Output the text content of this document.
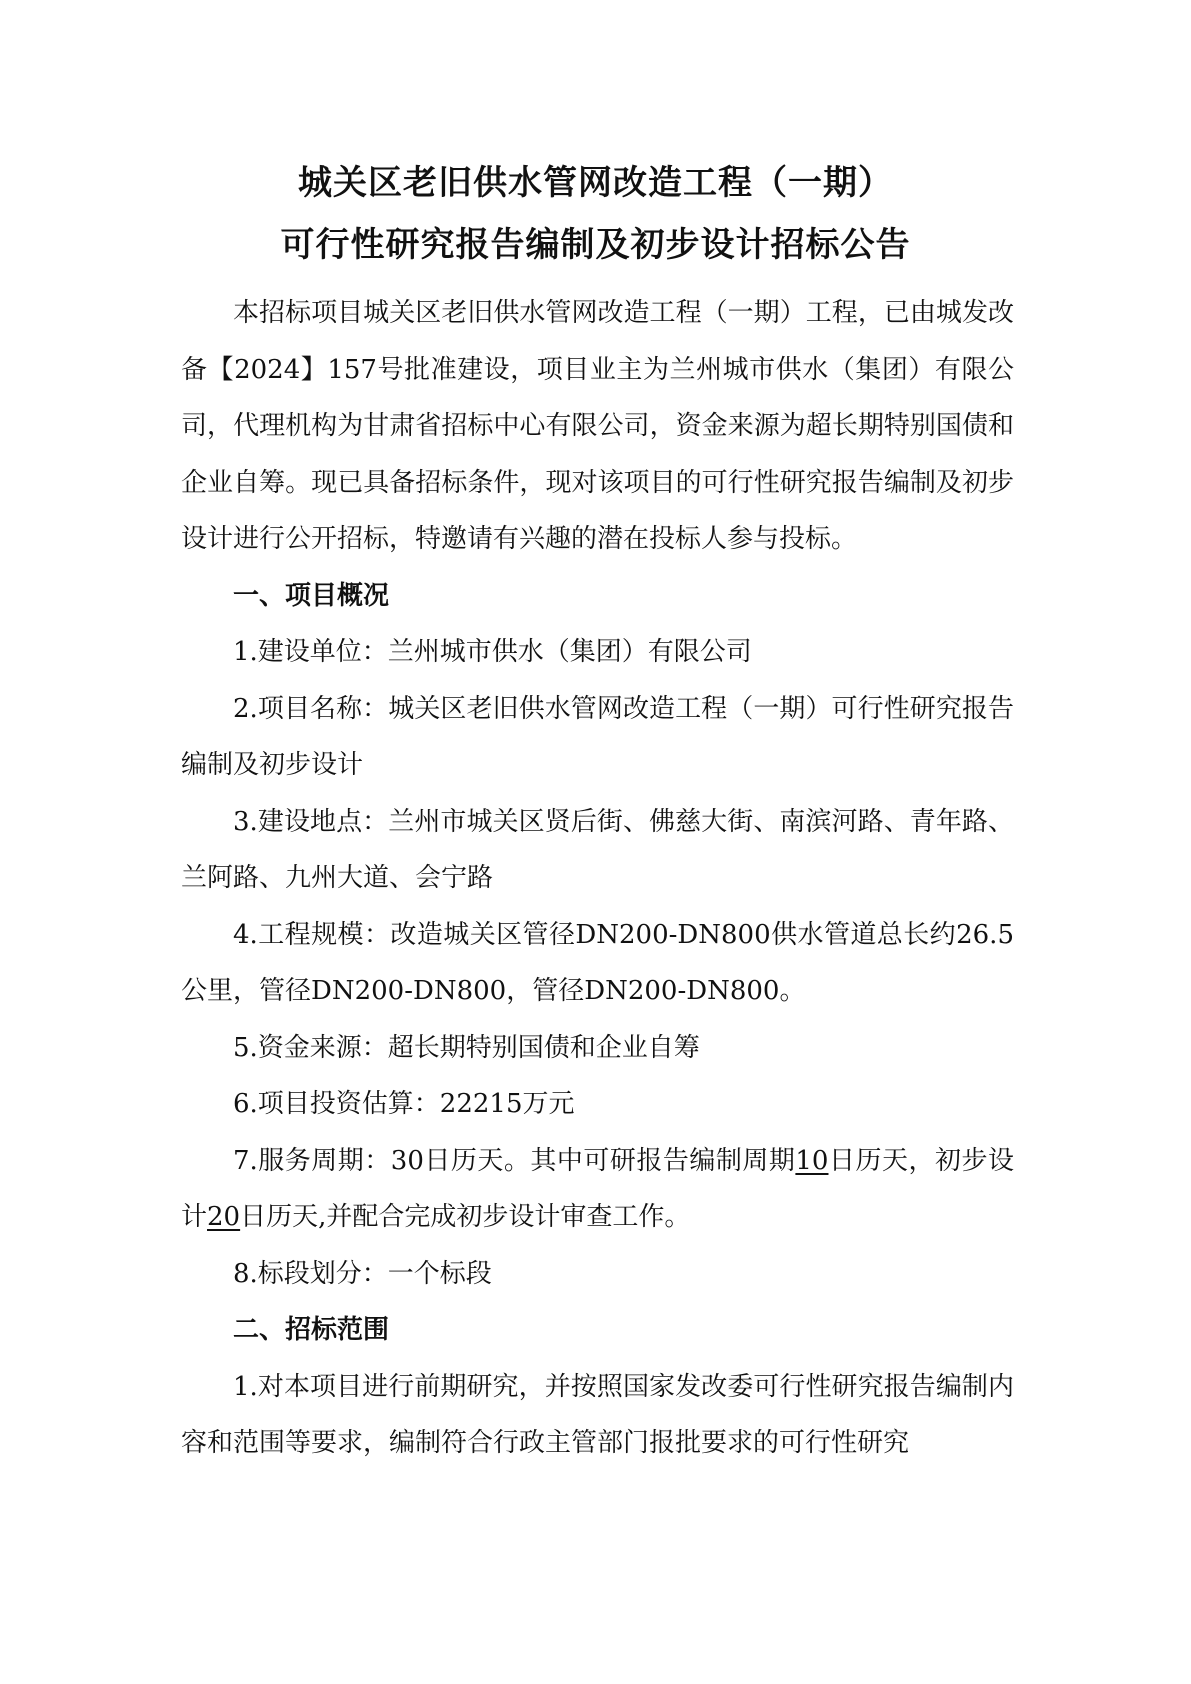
城关区老旧供水管网改造工程（一期）
可行性研究报告编制及初步设计招标公告

本招标项目城关区老旧供水管网改造工程（一期）工程，已由城发改备【2024】157号批准建设，项目业主为兰州城市供水（集团）有限公司，代理机构为甘肃省招标中心有限公司，资金来源为超长期特别国债和企业自筹。现已具备招标条件，现对该项目的可行性研究报告编制及初步设计进行公开招标，特邀请有兴趣的潜在投标人参与投标。

一、项目概况

1.建设单位：兰州城市供水（集团）有限公司

2.项目名称：城关区老旧供水管网改造工程（一期）可行性研究报告编制及初步设计

3.建设地点：兰州市城关区贤后街、佛慈大街、南滨河路、青年路、兰阿路、九州大道、会宁路

4.工程规模：改造城关区管径DN200-DN800供水管道总长约26.5公里，管径DN200-DN800，管径DN200-DN800。

5.资金来源：超长期特别国债和企业自筹

6.项目投资估算：22215万元

7.服务周期：30日历天。其中可研报告编制周期10日历天，初步设计20日历天,并配合完成初步设计审查工作。

8.标段划分：一个标段

二、招标范围

1.对本项目进行前期研究，并按照国家发改委可行性研究报告编制内容和范围等要求，编制符合行政主管部门报批要求的可行性研究
